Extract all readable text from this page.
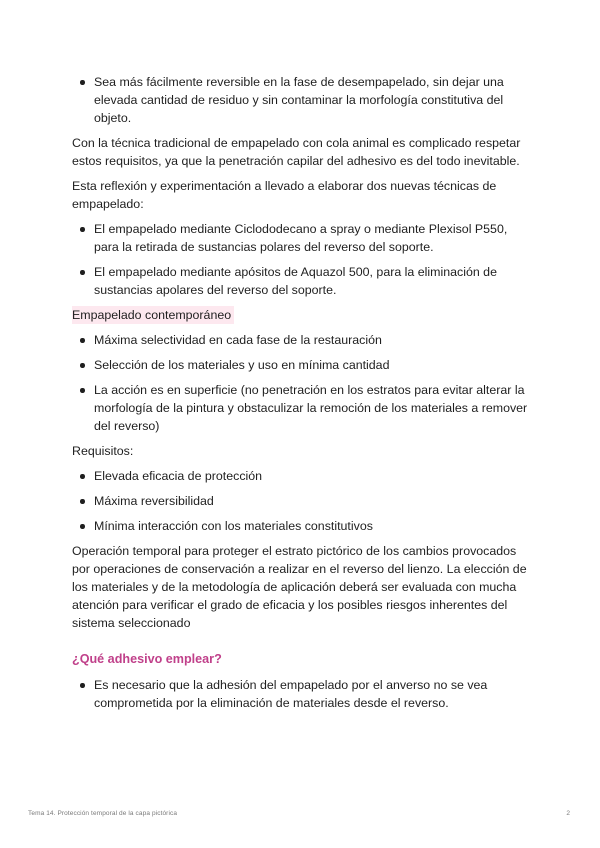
Sea más fácilmente reversible en la fase de desempapelado, sin dejar una elevada cantidad de residuo y sin contaminar la morfología constitutiva del objeto.

Con la técnica tradicional de empapelado con cola animal es complicado respetar estos requisitos, ya que la penetración capilar del adhesivo es del todo inevitable.

Esta reflexión y experimentación a llevado a elaborar dos nuevas técnicas de empapelado:

El empapelado mediante Ciclododecano a spray o mediante Plexisol P550, para la retirada de sustancias polares del reverso del soporte.
El empapelado mediante apósitos de Aquazol 500, para la eliminación de sustancias apolares del reverso del soporte.
Empapelado contemporáneo
Máxima selectividad en cada fase de la restauración
Selección de los materiales y uso en mínima cantidad
La acción es en superficie (no penetración en los estratos para evitar alterar la morfología de la pintura y obstaculizar la remoción de los materiales a remover del reverso)

Requisitos:

Elevada eficacia de protección
Máxima reversibilidad
Mínima interacción con los materiales constitutivos

Operación temporal para proteger el estrato pictórico de los cambios provocados por operaciones de conservación a realizar en el reverso del lienzo. La elección de los materiales y de la metodología de aplicación deberá ser evaluada con mucha atención para verificar el grado de eficacia y los posibles riesgos inherentes del sistema seleccionado

¿Qué adhesivo emplear?
Es necesario que la adhesión del empapelado por el anverso no se vea comprometida por la eliminación de materiales desde el reverso.
Tema 14. Protección temporal de la capa pictórica	2
